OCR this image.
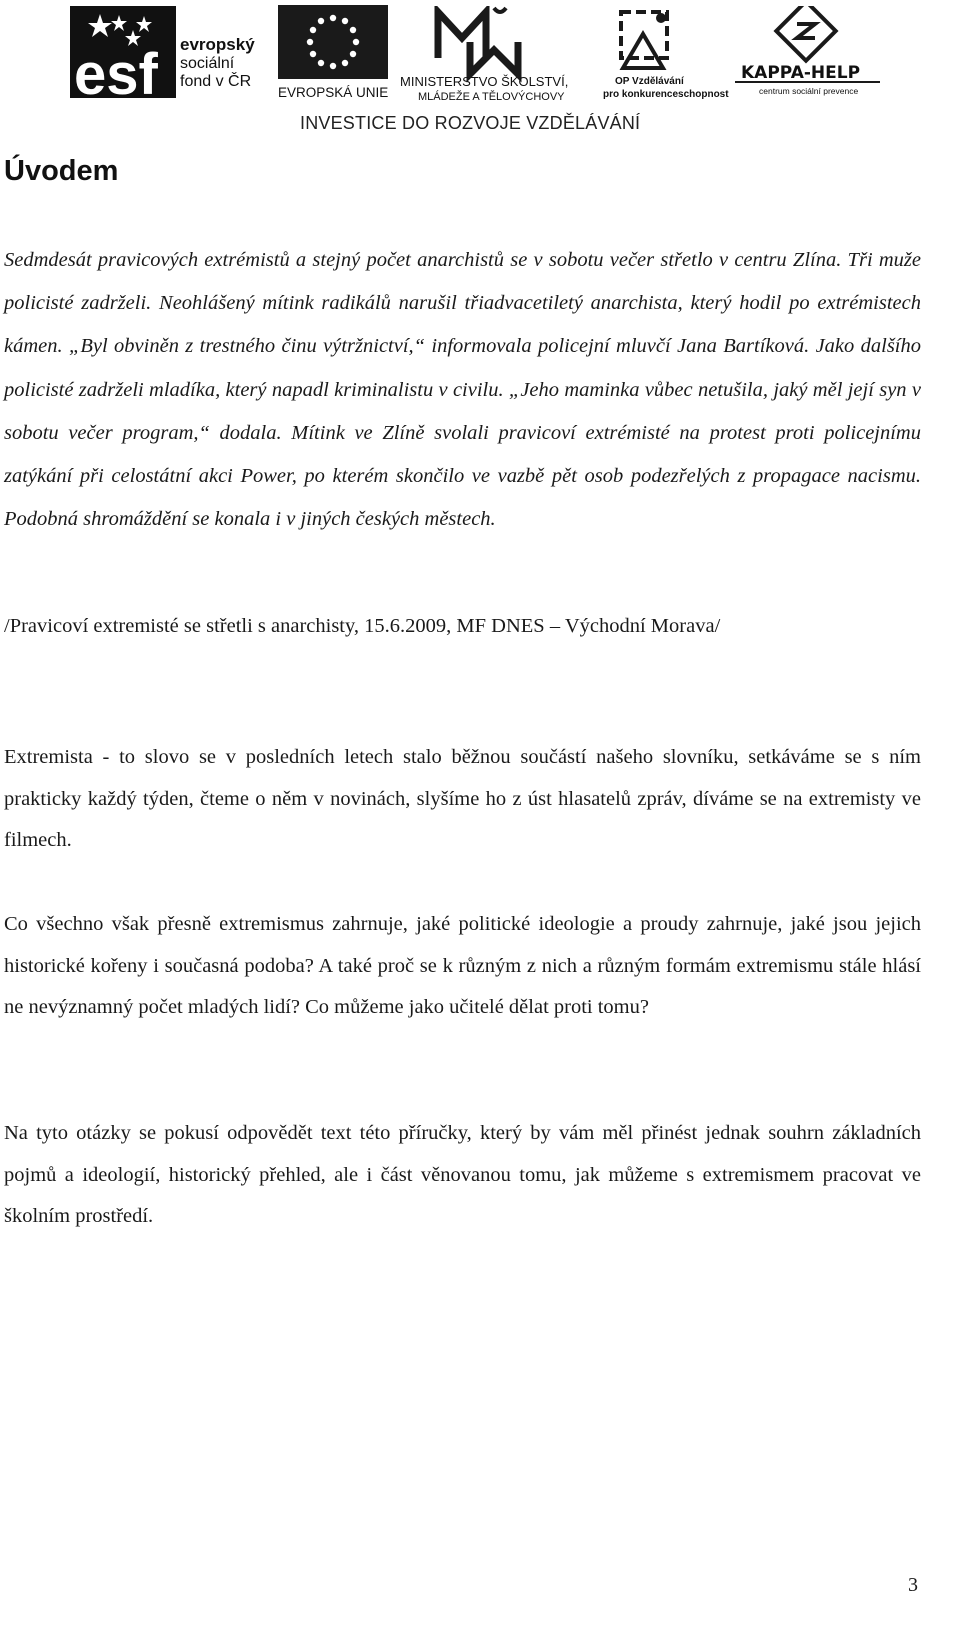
esf evropský
sociální
fond v ČR
EVROPSKÁ UNIE
MINISTERSTVO ŠKOLSTVÍ,
MLÁDEŽE A TĚLOVÝCHOVY
OP Vzdělávání
pro konkurenceschopnost
KAPPA-HELP
centrum sociální prevence
INVESTICE DO ROZVOJE VZDĚLÁVÁNÍ
Úvodem

Sedmdesát pravicových extrémistů a stejný počet anarchistů se v sobotu večer střetlo v centru Zlína. Tři muže policisté zadrželi. Neohlášený mítink radikálů narušil třiadvacetiletý anarchista, který hodil po extrémistech kámen. „Byl obviněn z trestného činu výtržnictví,“ informovala policejní mluvčí Jana Bartíková. Jako dalšího policisté zadrželi mladíka, který napadl kriminalistu v civilu. „Jeho maminka vůbec netušila, jaký měl její syn v sobotu večer program,“ dodala. Mítink ve Zlíně svolali pravicoví extrémisté na protest proti policejnímu zatýkání při celostátní akci Power, po kterém skončilo ve vazbě pět osob podezřelých z propagace nacismu. Podobná shromáždění se konala i v jiných českých městech.

/Pravicoví extremisté se střetli s anarchisty, 15.6.2009, MF DNES – Východní Morava/

Extremista - to slovo se v posledních letech stalo běžnou součástí našeho slovníku, setkáváme se s ním prakticky každý týden, čteme o něm v novinách, slyšíme ho z úst hlasatelů zpráv, díváme se na extremisty ve filmech.

Co všechno však přesně extremismus zahrnuje, jaké politické ideologie a proudy zahrnuje, jaké jsou jejich historické kořeny i současná podoba? A také proč se k různým z nich a různým formám extremismu stále hlásí ne nevýznamný počet mladých lidí? Co můžeme jako učitelé dělat proti tomu?

Na tyto otázky se pokusí odpovědět text této příručky, který by vám měl přinést jednak souhrn základních pojmů a ideologií, historický přehled, ale i část věnovanou tomu, jak můžeme s extremismem pracovat ve školním prostředí.

3
